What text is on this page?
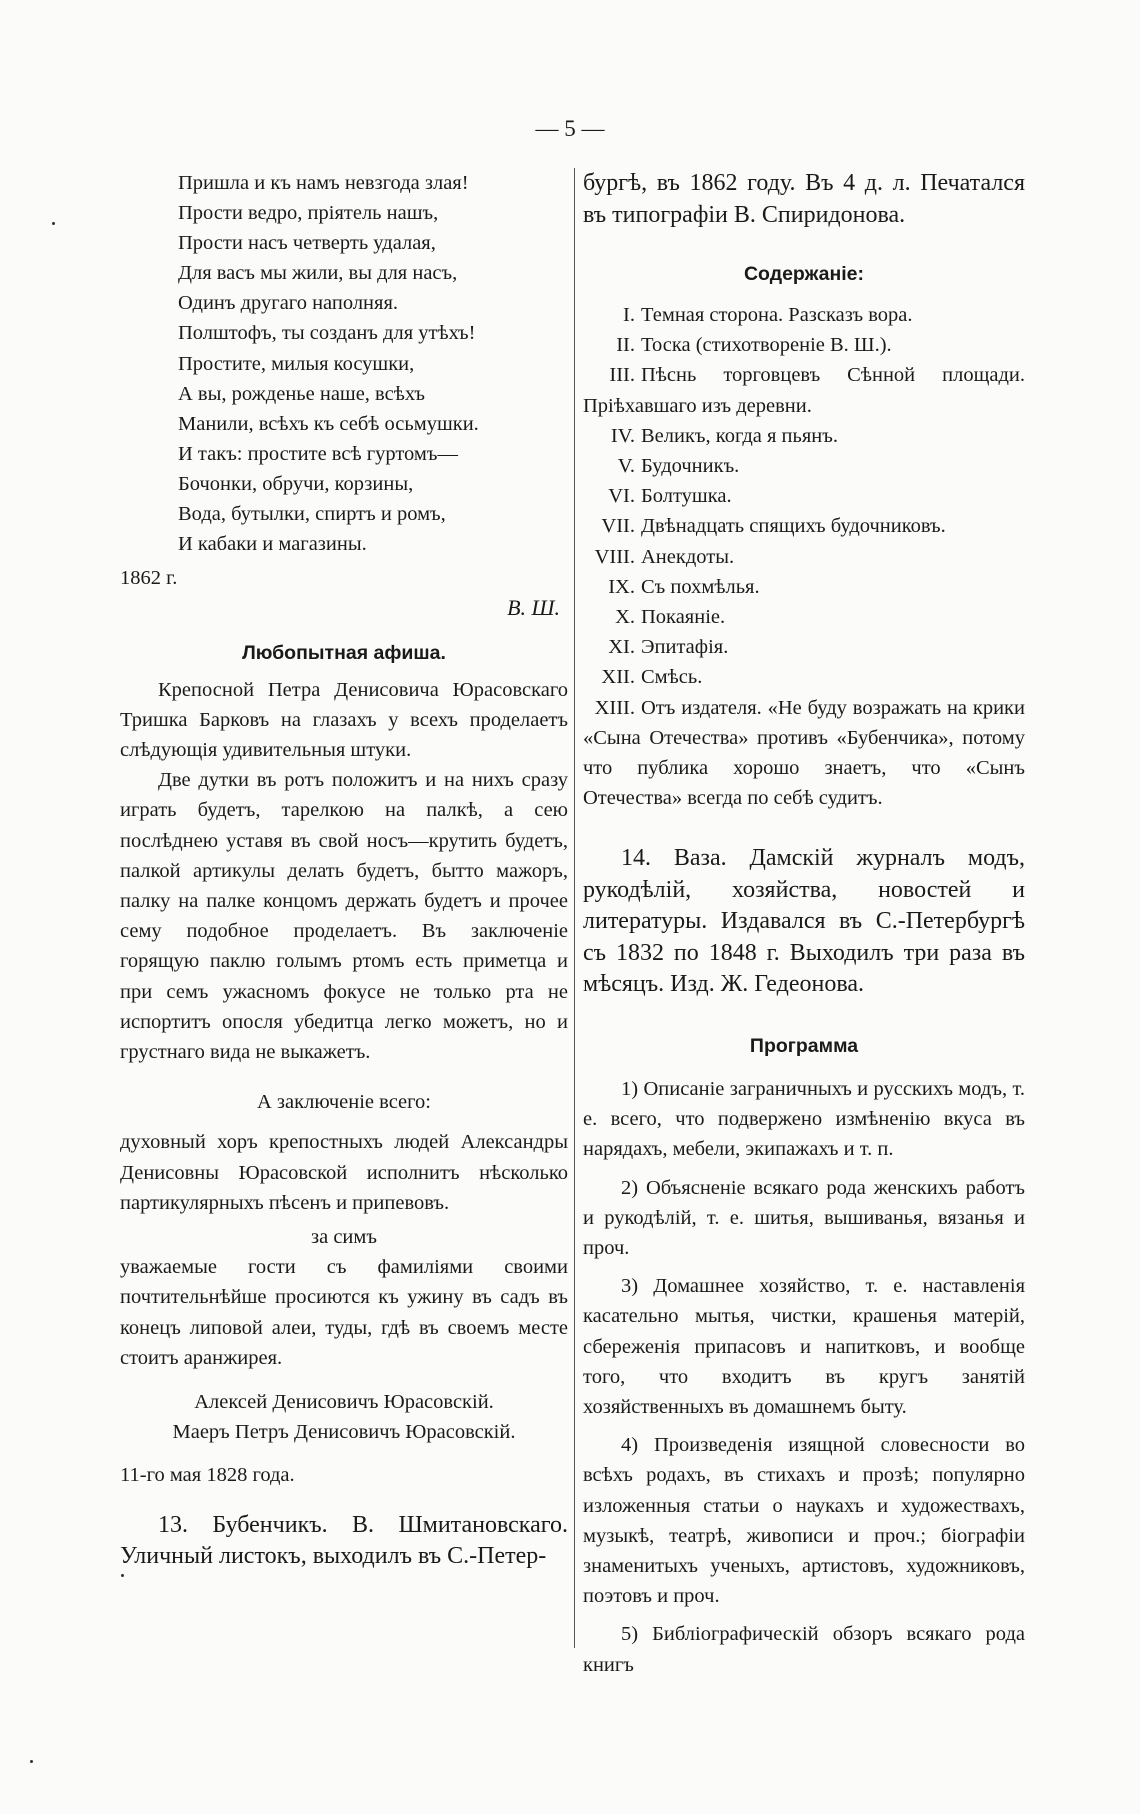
— 5 —
Пришла и къ намъ невзгода злая!
Прости ведро, пріятель нашъ,
Прости насъ четверть удалая,
Для васъ мы жили, вы для насъ,
Одинъ другаго наполняя.
Полштофъ, ты созданъ для утѣхъ!
Простите, милыя косушки,
А вы, рожденье наше, всѣхъ
Манили, всѣхъ къ себѣ осьмушки.
И такъ: простите всѣ гуртомъ—
Бочонки, обручи, корзины,
Вода, бутылки, спиртъ и ромъ,
И кабаки и магазины.

1862 г.

В. Ш.

Любопытная афиша.

Крепосной Петра Денисовича Юрасовскаго Тришка Барковъ на глазахъ у всехъ проделаетъ слѣдующія удивительныя штуки.

Две дутки въ ротъ положитъ и на нихъ сразу играть будетъ, тарелкою на палкѣ, а сею послѣднею уставя въ свой носъ—крутить будетъ, палкой артикулы делать будетъ, бытто мажоръ, палку на палке концомъ держать будетъ и прочее сему подобное проделаетъ. Въ заключеніе горящую паклю голымъ ртомъ есть приметца и при семъ ужасномъ фокусе не только рта не испортитъ опосля убедитца легко можетъ, но и грустнаго вида не выкажетъ.

А заключеніе всего:

духовный хоръ крепостныхъ людей Александры Денисовны Юрасовской исполнитъ нѣсколько партикулярныхъ пѣсенъ и припевовъ.

за симъ

уважаемые гости съ фамиліями своими почтительнѣйше просиются къ ужину въ садъ въ конецъ липовой алеи, туды, гдѣ въ своемъ месте стоитъ аранжирея.

Алексей Денисовичъ Юрасовскій.

Маеръ Петръ Денисовичъ Юрасовскій.

11-го мая 1828 года.

13. Бубенчикъ. В. Шмитановскаго. Уличный листокъ, выходилъ въ С.-Петер-

бургѣ, въ 1862 году. Въ 4 д. л. Печатался въ типографіи В. Спиридонова.

Содержаніе:

I. Темная сторона. Разсказъ вора.
II. Тоска (стихотвореніе В. Ш.).
III. Пѣснь торговцевъ Сѣнной площади. Пріѣхавшаго изъ деревни.
IV. Великъ, когда я пьянъ.
V. Будочникъ.
VI. Болтушка.
VII. Двѣнадцать спящихъ будочниковъ.
VIII. Анекдоты.
IX. Съ похмѣлья.
X. Покаяніе.
XI. Эпитафія.
XII. Смѣсь.
XIII. Отъ издателя. «Не буду возражать на крики «Сына Отечества» противъ «Бубенчика», потому что публика хорошо знаетъ, что «Сынъ Отечества» всегда по себѣ судитъ.

14. Ваза. Дамскій журналъ модъ, рукодѣлій, хозяйства, новостей и литературы. Издавался въ С.-Петербургѣ съ 1832 по 1848 г. Выходилъ три раза въ мѣсяцъ. Изд. Ж. Гедеонова.

Программа

1) Описаніе заграничныхъ и русскихъ модъ, т. е. всего, что подвержено измѣненію вкуса въ нарядахъ, мебели, экипажахъ и т. п.

2) Объясненіе всякаго рода женскихъ работъ и рукодѣлій, т. е. шитья, вышиванья, вязанья и проч.

3) Домашнее хозяйство, т. е. наставленія касательно мытья, чистки, крашенья матерій, сбереженія припасовъ и напитковъ, и вообще того, что входитъ въ кругъ занятій хозяйственныхъ въ домашнемъ быту.

4) Произведенія изящной словесности во всѣхъ родахъ, въ стихахъ и прозѣ; популярно изложенныя статьи о наукахъ и художествахъ, музыкѣ, театрѣ, живописи и проч.; біографіи знаменитыхъ ученыхъ, артистовъ, художниковъ, поэтовъ и проч.

5) Библіографическій обзоръ всякаго рода книгъ
